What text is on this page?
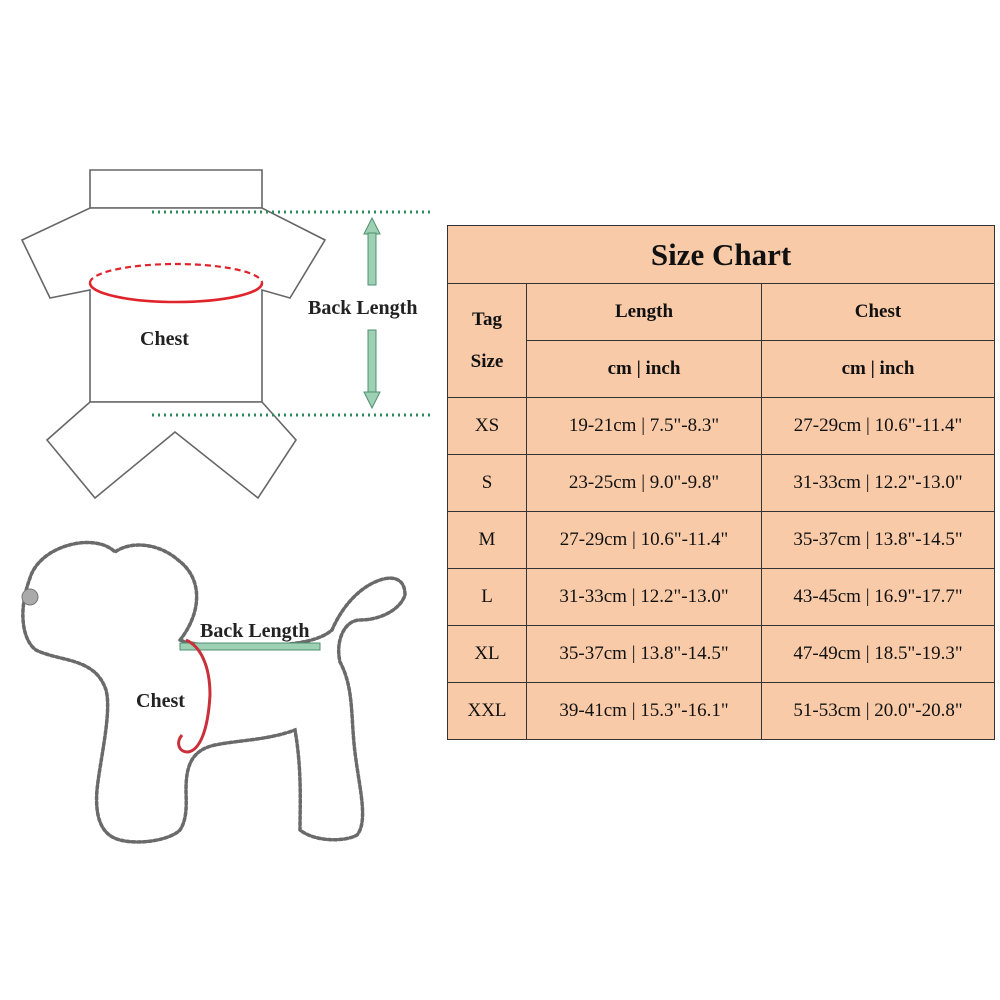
Back Length
Chest
Back Length
Chest
Size Chart		

Tag
Size	Length	Chest
	cm | inch	cm | inch
XS	19-21cm | 7.5"-8.3"	27-29cm | 10.6"-11.4"
S	23-25cm | 9.0"-9.8"	31-33cm | 12.2"-13.0"
M	27-29cm | 10.6"-11.4"	35-37cm | 13.8"-14.5"
L	31-33cm | 12.2"-13.0"	43-45cm | 16.9"-17.7"
XL	35-37cm | 13.8"-14.5"	47-49cm | 18.5"-19.3"
XXL	39-41cm | 15.3"-16.1"	51-53cm | 20.0"-20.8"
